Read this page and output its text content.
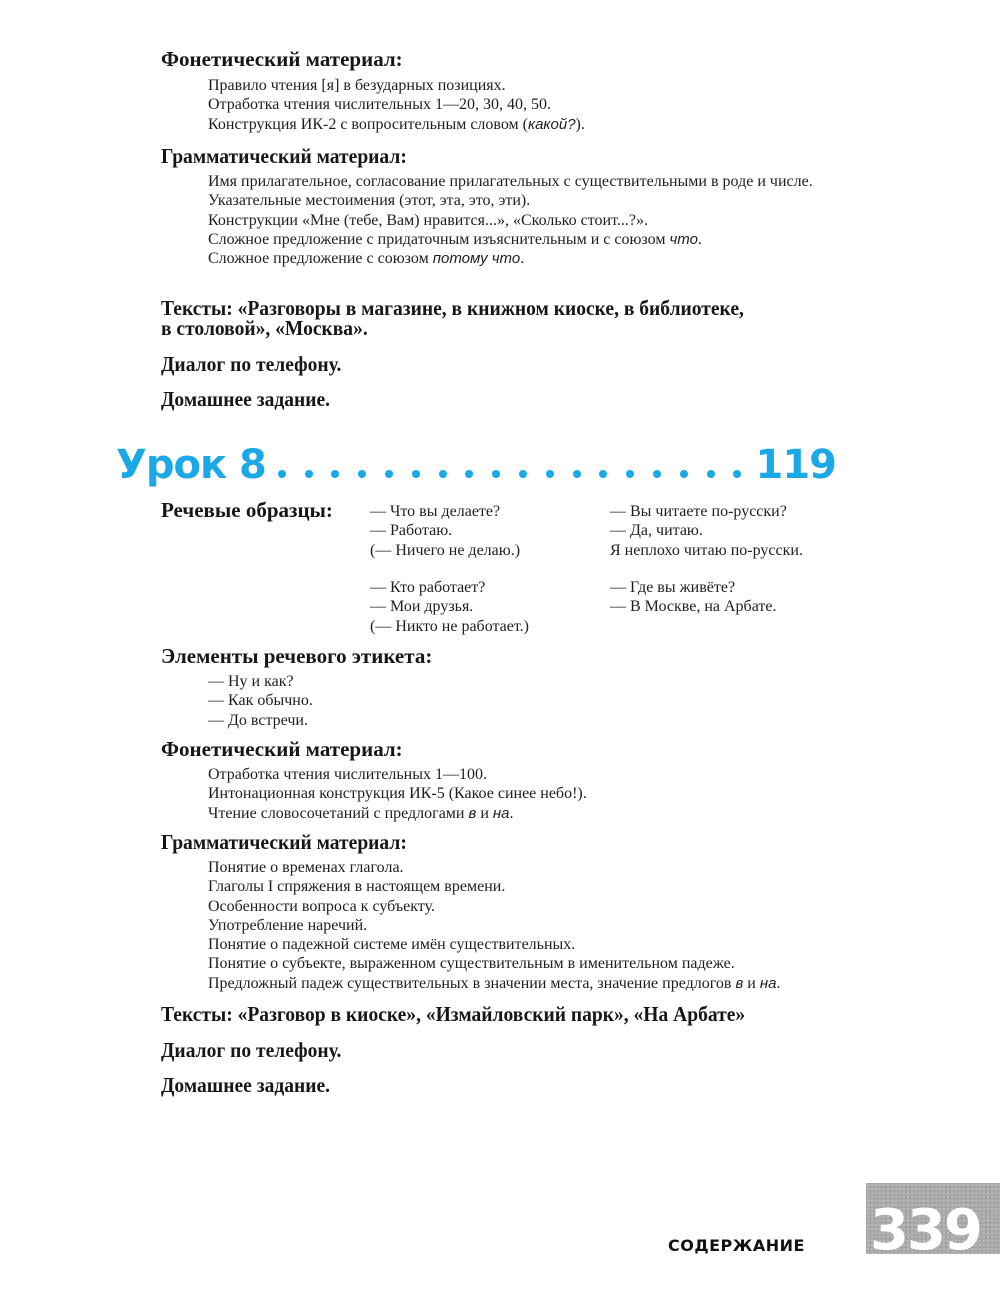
Фонетический материал:
Правило чтения [я] в безударных позициях.
Отработка чтения числительных 1—20, 30, 40, 50.
Конструкция ИК-2 с вопросительным словом (какой?).
Грамматический материал:
Имя прилагательное, согласование прилагательных с существительными в роде и числе.
Указательные местоимения (этот, эта, это, эти).
Конструкции «Мне (тебе, Вам) нравится...», «Сколько стоит...?».
Сложное предложение с придаточным изъяснительным и с союзом что.
Сложное предложение с союзом потому что.
Тексты: «Разговоры в магазине, в книжном киоске, в библиотеке,
в столовой», «Москва».
Диалог по телефону.
Домашнее задание.
Урок 8	119
Речевые образцы: — Что вы делаете?
— Работаю.
(— Ничего не делаю.)
— Кто работает?
— Мои друзья.
(— Никто не работает.)
— Вы читаете по-русски?
— Да, читаю.
Я неплохо читаю по-русски.
— Где вы живёте?
— В Москве, на Арбате.
Элементы речевого этикета:
— Ну и как?
— Как обычно.
— До встречи.
Фонетический материал:
Отработка чтения числительных 1—100.
Интонационная конструкция ИК-5 (Какое синее небо!).
Чтение словосочетаний с предлогами в и на.
Грамматический материал:
Понятие о временах глагола.
Глаголы I спряжения в настоящем времени.
Особенности вопроса к субъекту.
Употребление наречий.
Понятие о падежной системе имён существительных.
Понятие о субъекте, выраженном существительным в именительном падеже.
Предложный падеж существительных в значении места, значение предлогов в и на.
Тексты: «Разговор в киоске», «Измайловский парк», «На Арбате»
Диалог по телефону.
Домашнее задание.
СОДЕРЖАНИЕ 339
